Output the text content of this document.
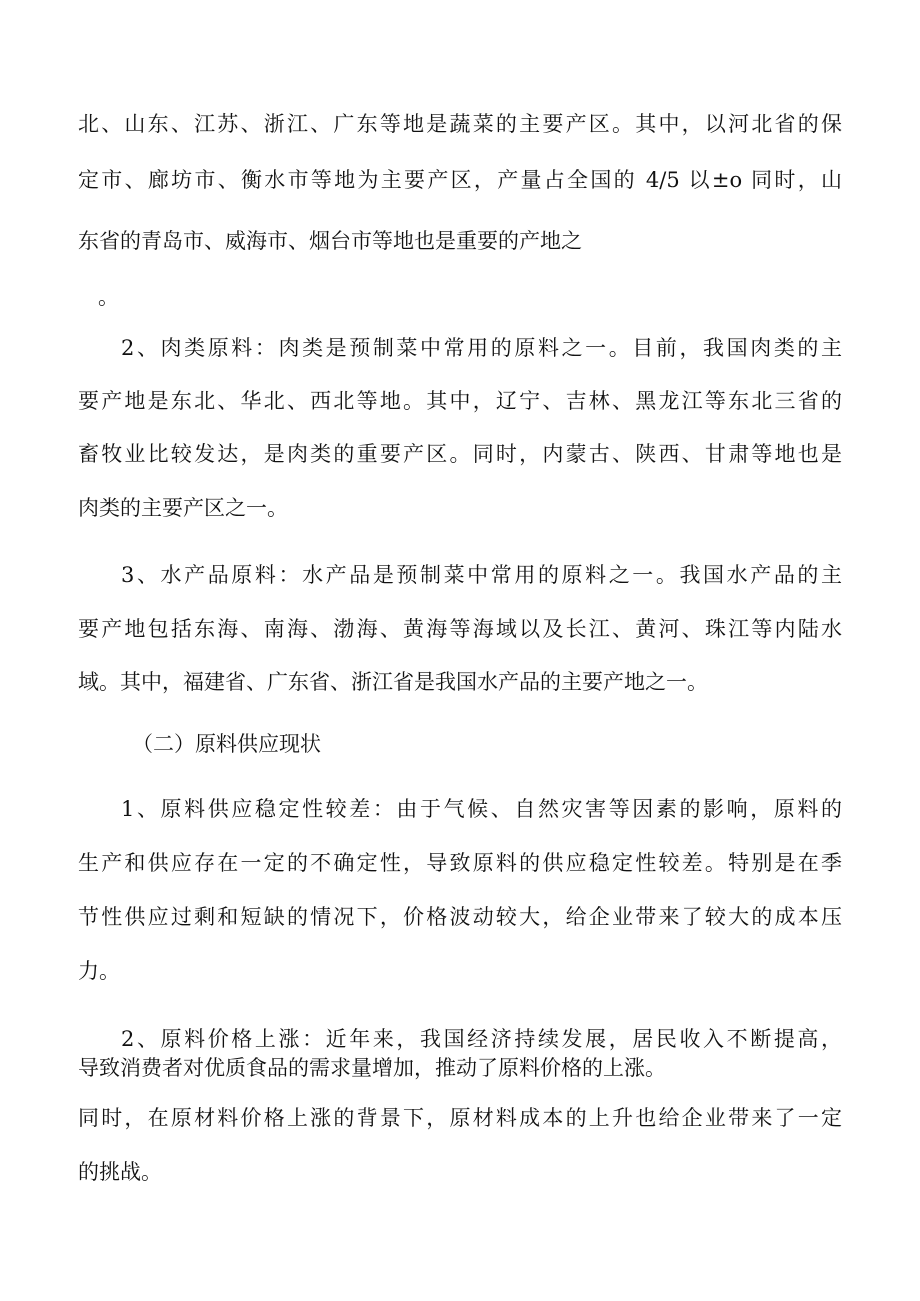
北、山东、江苏、浙江、广东等地是蔬菜的主要产区。其中，以河北省的保
定市、廊坊市、衡水市等地为主要产区，产量占全国的 4/5 以±o 同时，山
东省的青岛市、威海市、烟台市等地也是重要的产地之
。
2、肉类原料：肉类是预制菜中常用的原料之一。目前，我国肉类的主
要产地是东北、华北、西北等地。其中，辽宁、吉林、黑龙江等东北三省的
畜牧业比较发达，是肉类的重要产区。同时，内蒙古、陕西、甘肃等地也是
肉类的主要产区之一。
3、水产品原料：水产品是预制菜中常用的原料之一。我国水产品的主
要产地包括东海、南海、渤海、黄海等海域以及长江、黄河、珠江等内陆水
域。其中，福建省、广东省、浙江省是我国水产品的主要产地之一。
（二）原料供应现状
1、原料供应稳定性较差：由于气候、自然灾害等因素的影响，原料的
生产和供应存在一定的不确定性，导致原料的供应稳定性较差。特别是在季
节性供应过剩和短缺的情况下，价格波动较大，给企业带来了较大的成本压
力。
2、原料价格上涨：近年来，我国经济持续发展，居民收入不断提高，
导致消费者对优质食品的需求量增加，推动了原料价格的上涨。
同时，在原材料价格上涨的背景下，原材料成本的上升也给企业带来了一定
的挑战。
